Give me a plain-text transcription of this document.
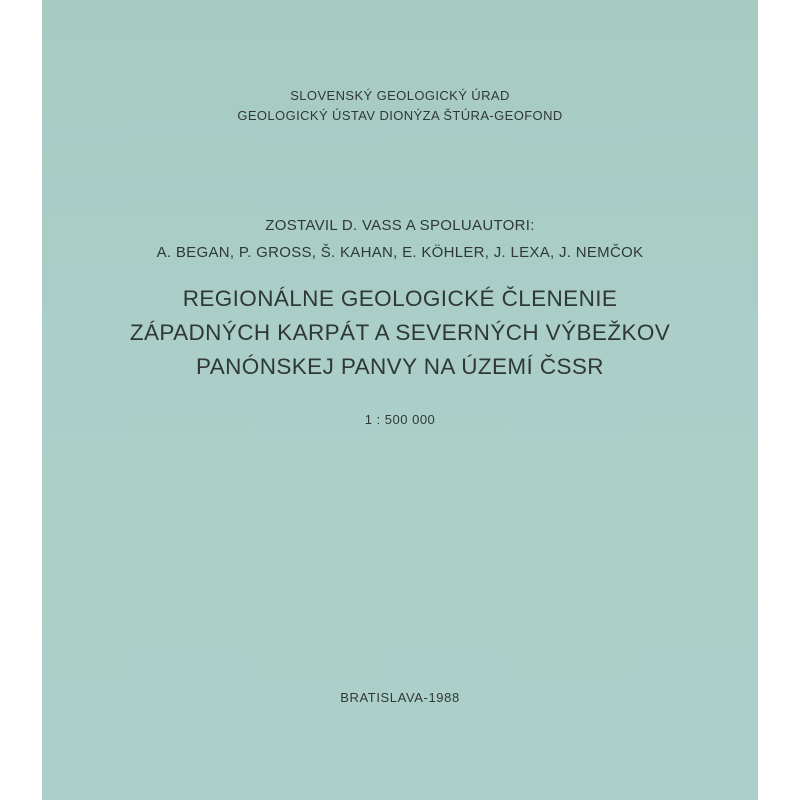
SLOVENSKÝ GEOLOGICKÝ ÚRAD
GEOLOGICKÝ ÚSTAV DIONÝZA ŠTÚRA-GEOFOND
ZOSTAVIL D. VASS A SPOLUAUTORI:
A. BEGAN, P. GROSS, Š. KAHAN, E. KÖHLER, J. LEXA, J. NEMČOK
REGIONÁLNE GEOLOGICKÉ ČLENENIE
ZÁPADNÝCH KARPÁT A SEVERNÝCH VÝBEŽKOV
PANÓNSKEJ PANVY NA ÚZEMÍ ČSSR
1 : 500 000
BRATISLAVA-1988
